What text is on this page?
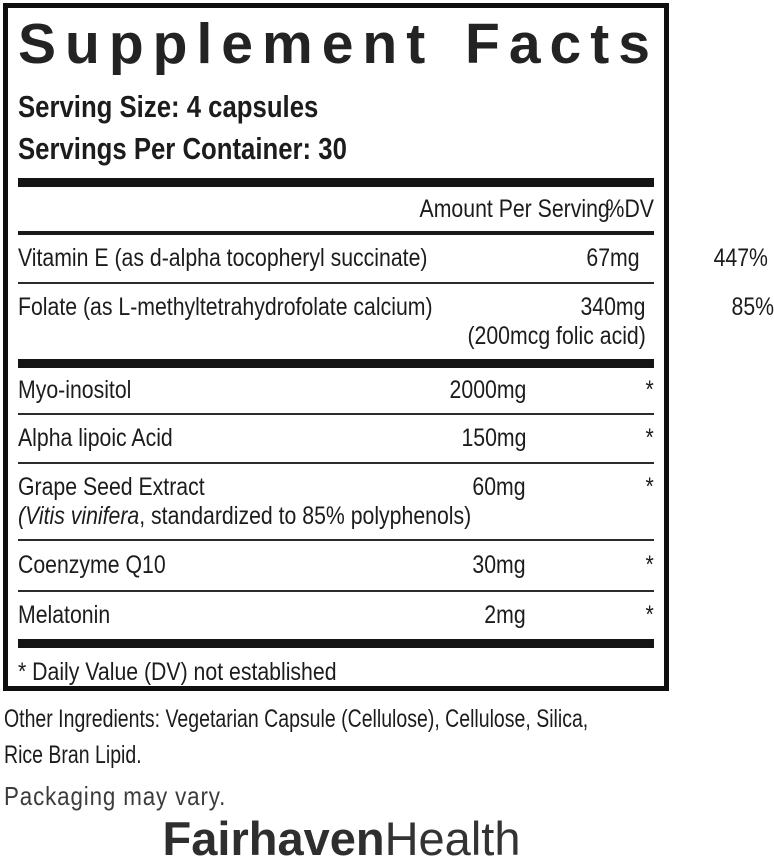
Supplement Facts
Serving Size: 4 capsules
Servings Per Container: 30
Amount Per Serving
%DV
Vitamin E (as d-alpha tocopheryl succinate)	67mg	447%
Folate (as L-methyltetrahydrofolate calcium)	340mg	85%
(200mcg folic acid)
Myo-inositol	2000mg	*
Alpha lipoic Acid	150mg	*
Grape Seed Extract	60mg	*
(Vitis vinifera, standardized to 85% polyphenols)
Coenzyme Q10	30mg	*
Melatonin	2mg	*
* Daily Value (DV) not established
Other Ingredients: Vegetarian Capsule (Cellulose), Cellulose, Silica,
Rice Bran Lipid.
Packaging may vary.
FairhavenHealth
